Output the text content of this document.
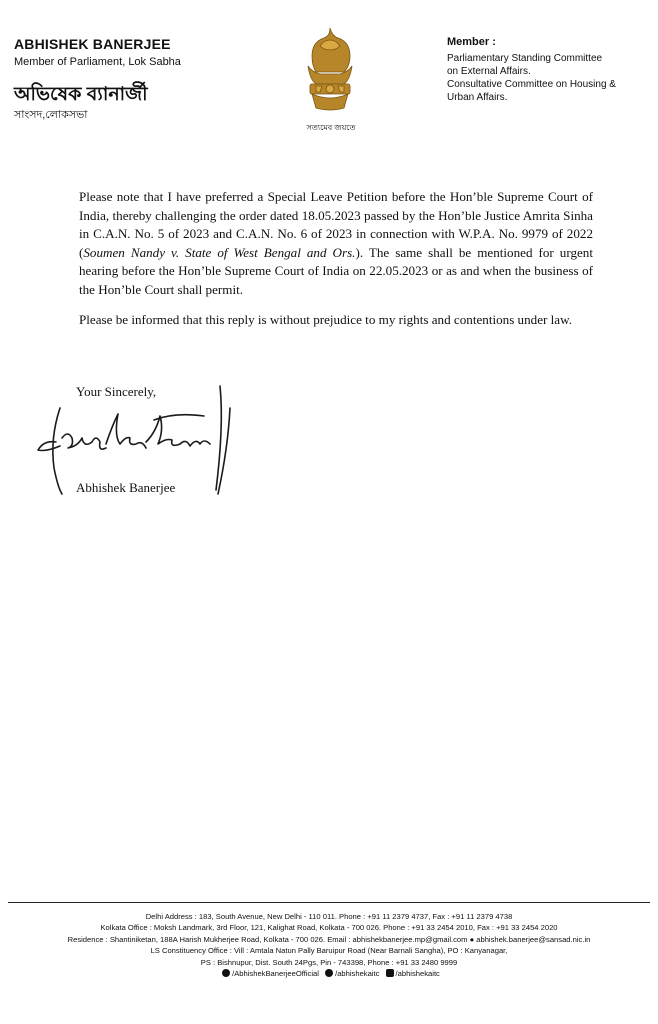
ABHISHEK BANERJEE
Member of Parliament, Lok Sabha
অভিষেক ব্যানার্জী
সাংসদ,লোকসভা
সত্যমেব জয়তে
Member :
Parliamentary Standing Committee
on External Affairs.
Consultative Committee on Housing &
Urban Affairs.

Please note that I have preferred a Special Leave Petition before the Hon’ble Supreme Court of India, thereby challenging the order dated 18.05.2023 passed by the Hon’ble Justice Amrita Sinha in C.A.N. No. 5 of 2023 and C.A.N. No. 6 of 2023 in connection with W.P.A. No. 9979 of 2022 (Soumen Nandy v. State of West Bengal and Ors.). The same shall be mentioned for urgent hearing before the Hon’ble Supreme Court of India on 22.05.2023 or as and when the business of the Hon’ble Court shall permit.

Please be informed that this reply is without prejudice to my rights and contentions under law.

Your Sincerely,
Abhishek Banerjee
Delhi Address : 183, South Avenue, New Delhi - 110 011. Phone : +91 11 2379 4737, Fax : +91 11 2379 4738
Kolkata Office : Moksh Landmark, 3rd Floor, 121, Kalighat Road, Kolkata - 700 026. Phone : +91 33 2454 2010, Fax : +91 33 2454 2020
Residence : Shantiniketan, 188A Harish Mukherjee Road, Kolkata - 700 026. Email : abhishekbanerjee.mp@gmail.com ● abhishek.banerjee@sansad.nic.in
LS Constituency Office : Vill : Amtala Natun Pally Baruipur Road (Near Barnali Sangha), PO : Kanyanagar,
PS : Bishnupur, Dist. South 24Pgs, Pin - 743398, Phone : +91 33 2480 9999
/AbhishekBanerjeeOfficial /abhishekaitc /abhishekaitc
